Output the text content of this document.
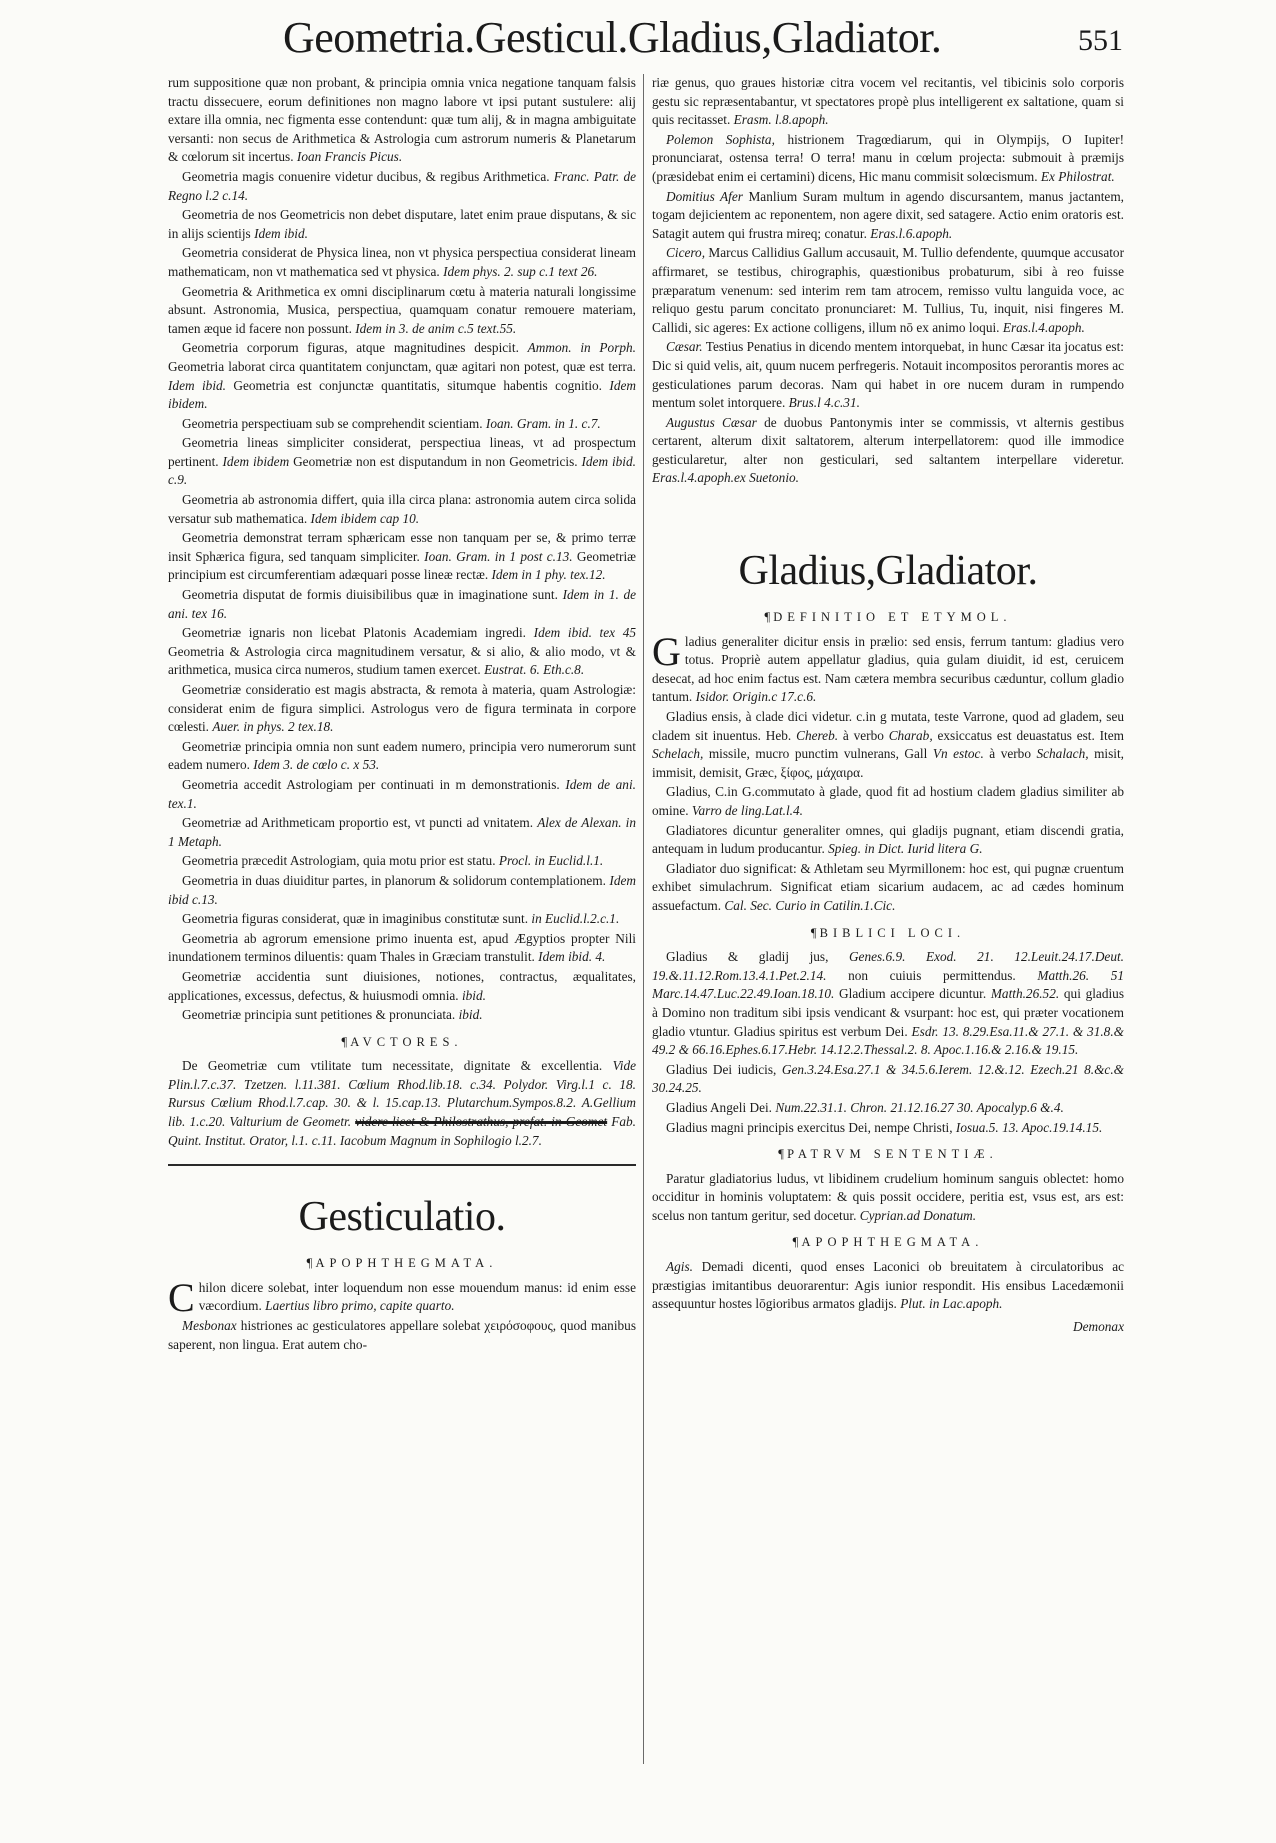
Geometria.Gesticul.Gladius,Gladiator.	551

rum suppositione quæ non probant, & principia omnia vnica negatione tanquam falsis tractu dissecuere, eorum definitiones non magno labore vt ipsi putant sustulere: alij extare illa omnia, nec figmenta esse contendunt: quæ tum alij, & in magna ambiguitate versanti: non secus de Arithmetica & Astrologia cum astrorum numeris & Planetarum & cœlorum sit incertus. Ioan Francis Picus.

Geometria magis conuenire videtur ducibus, & regibus Arithmetica. Franc. Patr. de Regno l.2 c.14.

Geometria de nos Geometricis non debet disputare, latet enim praue disputans, & sic in alijs scientijs Idem ibid.

Geometria considerat de Physica linea, non vt physica perspectiua considerat lineam mathematicam, non vt mathematica sed vt physica. Idem phys. 2. sup c.1 text 26.

Geometria & Arithmetica ex omni disciplinarum cœtu à materia naturali longissime absunt. Astronomia, Musica, perspectiua, quamquam conatur remouere materiam, tamen æque id facere non possunt. Idem in 3. de anim c.5 text.55.

Geometria corporum figuras, atque magnitudines despicit. Ammon. in Porph. Geometria laborat circa quantitatem conjunctam, quæ agitari non potest, quæ est terra. Idem ibid. Geometria est conjunctæ quantitatis, situmque habentis cognitio. Idem ibidem.

Geometria perspectiuam sub se comprehendit scientiam. Ioan. Gram. in 1. c.7.

Geometria lineas simpliciter considerat, perspectiua lineas, vt ad prospectum pertinent. Idem ibidem Geometriæ non est disputandum in non Geometricis. Idem ibid. c.9.

Geometria ab astronomia differt, quia illa circa plana: astronomia autem circa solida versatur sub mathematica. Idem ibidem cap 10.

Geometria demonstrat terram sphæricam esse non tanquam per se, & primo terræ insit Sphærica figura, sed tanquam simpliciter. Ioan. Gram. in 1 post c.13. Geometriæ principium est circumferentiam adæquari posse lineæ rectæ. Idem in 1 phy. tex.12.

Geometria disputat de formis diuisibilibus quæ in imaginatione sunt. Idem in 1. de ani. tex 16.

Geometriæ ignaris non licebat Platonis Academiam ingredi. Idem ibid. tex 45 Geometria & Astrologia circa magnitudinem versatur, & si alio, & alio modo, vt & arithmetica, musica circa numeros, studium tamen exercet. Eustrat. 6. Eth.c.8.

Geometriæ consideratio est magis abstracta, & remota à materia, quam Astrologiæ: considerat enim de figura simplici. Astrologus vero de figura terminata in corpore cœlesti. Auer. in phys. 2 tex.18.

Geometriæ principia omnia non sunt eadem numero, principia vero numerorum sunt eadem numero. Idem 3. de cœlo c. x 53.

Geometria accedit Astrologiam per continuati in m demonstrationis. Idem de ani. tex.1.

Geometriæ ad Arithmeticam proportio est, vt puncti ad vnitatem. Alex de Alexan. in 1 Metaph.

Geometria præcedit Astrologiam, quia motu prior est statu. Procl. in Euclid.l.1.

Geometria in duas diuiditur partes, in planorum & solidorum contemplationem. Idem ibid c.13.

Geometria figuras considerat, quæ in imaginibus constitutæ sunt. in Euclid.l.2.c.1.

Geometria ab agrorum emensione primo inuenta est, apud Ægyptios propter Nili inundationem terminos diluentis: quam Thales in Græciam transtulit. Idem ibid. 4.

Geometriæ accidentia sunt diuisiones, notiones, contractus, æqualitates, applicationes, excessus, defectus, & huiusmodi omnia. ibid.

Geometriæ principia sunt petitiones & pronunciata. ibid.

¶ AVCTORES.

De Geometriæ cum vtilitate tum necessitate, dignitate & excellentia. Vide Plin.l.7.c.37. Tzetzen. l.11.381. Cœlium Rhod.lib.18. c.34. Polydor. Virg.l.1 c. 18. Rursus Cœlium Rhod.l.7.cap. 30. & l. 15.cap.13. Plutarchum.Sympos.8.2. A.Gellium lib. 1.c.20. Valturium de Geometr. videre licet & Philostrathus, prefat. in Geomet Fab. Quint. Institut. Orator, l.1. c.11. Iacobum Magnum in Sophilogio l.2.7.

Gesticulatio.
¶ APOPHTHEGMATA.

Chilon dicere solebat, inter loquendum non esse mouendum manus: id enim esse væcordium. Laertius libro primo, capite quarto.

Mesbonax histriones ac gesticulatores appellare solebat χειρόσοφους, quod manibus saperent, non lingua. Erat autem cho-

riæ genus, quo graues historiæ citra vocem vel recitantis, vel tibicinis solo corporis gestu sic repræsentabantur, vt spectatores propè plus intelligerent ex saltatione, quam si quis recitasset. Erasm. l.8.apoph.

Polemon Sophista, histrionem Tragœdiarum, qui in Olympijs, O Iupiter! pronunciarat, ostensa terra! O terra! manu in cœlum projecta: submouit à præmijs (præsidebat enim ei certamini) dicens, Hic manu commisit solœcismum. Ex Philostrat.

Domitius Afer Manlium Suram multum in agendo discursantem, manus jactantem, togam dejicientem ac reponentem, non agere dixit, sed satagere. Actio enim oratoris est. Satagit autem qui frustra mireq; conatur. Eras.l.6.apoph.

Cicero, Marcus Callidius Gallum accusauit, M. Tullio defendente, quumque accusator affirmaret, se testibus, chirographis, quæstionibus probaturum, sibi à reo fuisse præparatum venenum: sed interim rem tam atrocem, remisso vultu languida voce, ac reliquo gestu parum concitato pronunciaret: M. Tullius, Tu, inquit, nisi fingeres M. Callidi, sic ageres: Ex actione colligens, illum nō ex animo loqui. Eras.l.4.apoph.

Cæsar. Testius Penatius in dicendo mentem intorquebat, in hunc Cæsar ita jocatus est: Dic si quid velis, ait, quum nucem perfregeris. Notauit incompositos perorantis mores ac gesticulationes parum decoras. Nam qui habet in ore nucem duram in rumpendo mentum solet intorquere. Brus.l 4.c.31.

Augustus Cæsar de duobus Pantonymis inter se commissis, vt alternis gestibus certarent, alterum dixit saltatorem, alterum interpellatorem: quod ille immodice gesticularetur, alter non gesticulari, sed saltantem interpellare videretur. Eras.l.4.apoph.ex Suetonio.

Gladius,Gladiator.
¶ DEFINITIO ET ETYMOL.

Gladius generaliter dicitur ensis in prælio: sed ensis, ferrum tantum: gladius vero totus. Propriè autem appellatur gladius, quia gulam diuidit, id est, ceruicem desecat, ad hoc enim factus est. Nam cætera membra securibus cæduntur, collum gladio tantum. Isidor. Origin.c 17.c.6.

Gladius ensis, à clade dici videtur. c.in g mutata, teste Varrone, quod ad gladem, seu cladem sit inuentus. Heb. Chereb. à verbo Charab, exsiccatus est deuastatus est. Item Schelach, missile, mucro punctim vulnerans, Gall Vn estoc. à verbo Schalach, misit, immisit, demisit, Græc, ξίφος, μάχαιρα.

Gladius, C.in G.commutato à glade, quod fit ad hostium cladem gladius similiter ab omine. Varro de ling.Lat.l.4.

Gladiatores dicuntur generaliter omnes, qui gladijs pugnant, etiam discendi gratia, antequam in ludum producantur. Spieg. in Dict. Iurid litera G.

Gladiator duo significat: & Athletam seu Myrmillonem: hoc est, qui pugnæ cruentum exhibet simulachrum. Significat etiam sicarium audacem, ac ad cædes hominum assuefactum. Cal. Sec. Curio in Catilin.1.Cic.

¶ BIBLICI LOCI.

Gladius & gladij jus, Genes.6.9. Exod. 21. 12.Leuit.24.17.Deut. 19.&.11.12.Rom.13.4.1.Pet.2.14. non cuiuis permittendus. Matth.26. 51 Marc.14.47.Luc.22.49.Ioan.18.10. Gladium accipere dicuntur. Matth.26.52. qui gladius à Domino non traditum sibi ipsis vendicant & vsurpant: hoc est, qui præter vocationem gladio vtuntur. Gladius spiritus est verbum Dei. Esdr. 13. 8.29.Esa.11.& 27.1. & 31.8.& 49.2 & 66.16.Ephes.6.17.Hebr. 14.12.2.Thessal.2. 8. Apoc.1.16.& 2.16.& 19.15.

Gladius Dei iudicis, Gen.3.24.Esa.27.1 & 34.5.6.Ierem. 12.&.12. Ezech.21 8.&c.& 30.24.25.

Gladius Angeli Dei. Num.22.31.1. Chron. 21.12.16.27 30. Apocalyp.6 &.4.

Gladius magni principis exercitus Dei, nempe Christi, Iosua.5. 13. Apoc.19.14.15.

¶ PATRVM SENTENTIÆ.

Paratur gladiatorius ludus, vt libidinem crudelium hominum sanguis oblectet: homo occiditur in hominis voluptatem: & quis possit occidere, peritia est, vsus est, ars est: scelus non tantum geritur, sed docetur. Cyprian.ad Donatum.

¶ APOPHTHEGMATA.

Agis. Demadi dicenti, quod enses Laconici ob breuitatem à circulatoribus ac præstigias imitantibus deuorarentur: Agis iunior respondit. His ensibus Lacedæmonii assequuntur hostes lōgioribus armatos gladijs. Plut. in Lac.apoph.

Demonax
